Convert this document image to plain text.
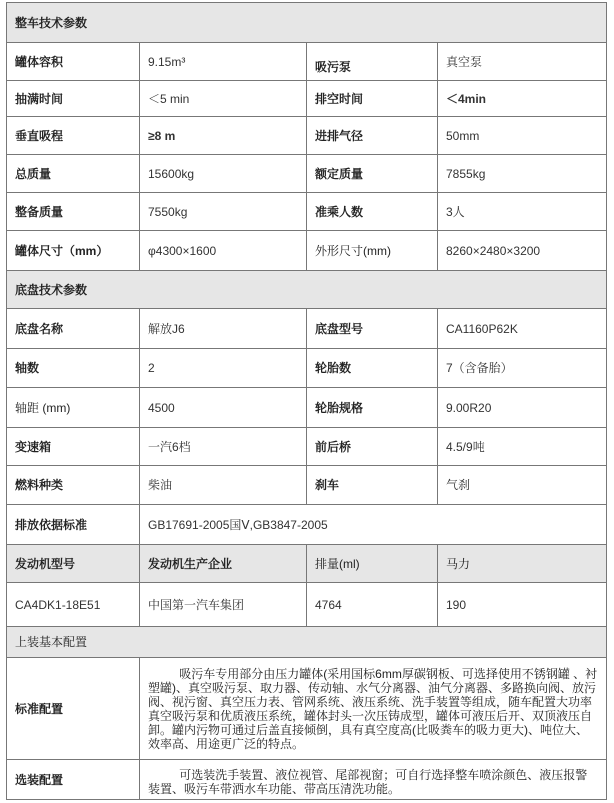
整车技术参数			
罐体容积	9.15m³	吸污泵	真空泵
抽满时间	＜5 min	排空时间	＜4min
垂直吸程	≥8 m	进排气径	50mm
总质量	15600kg	额定质量	7855kg
整备质量	7550kg	准乘人数	3人
罐体尺寸（mm）	φ4300×1600	外形尺寸(mm)	8260×2480×3200
底盘技术参数			
底盘名称	解放J6	底盘型号	CA1160P62K
轴数	2	轮胎数	7（含备胎）
轴距 (mm)	4500	轮胎规格	9.00R20
变速箱	一汽6档	前后桥	4.5/9吨
燃料种类	柴油	刹车	气刹
排放依据标准	GB17691-2005国Ⅴ,GB3847-2005		
发动机型号	发动机生产企业	排量(ml)	马力
CA4DK1-18E51	中国第一汽车集团	4764	190
上装基本配置			
标准配置	吸污车专用部分由压力罐体(采用国标6mm厚碳钢板、可选择使用不锈钢罐 、衬塑罐)、真空吸污泵、取力器、传动轴、水气分离器、油气分离器、多路换向阀、放污阀、视污窗、真空压力表、管网系统、液压系统、洗手装置等组成，随车配置大功率真空吸污泵和优质液压系统，罐体封头一次压铸成型，罐体可液压后开、双顶液压自卸。罐内污物可通过后盖直接倾倒，具有真空度高(比吸粪车的吸力更大)、吨位大、效率高、用途更广泛的特点。		
选装配置	可选装洗手装置、液位视管、尾部视窗；可自行选择整车喷涂颜色、液压报警装置、吸污车带洒水车功能、带高压清洗功能。		
